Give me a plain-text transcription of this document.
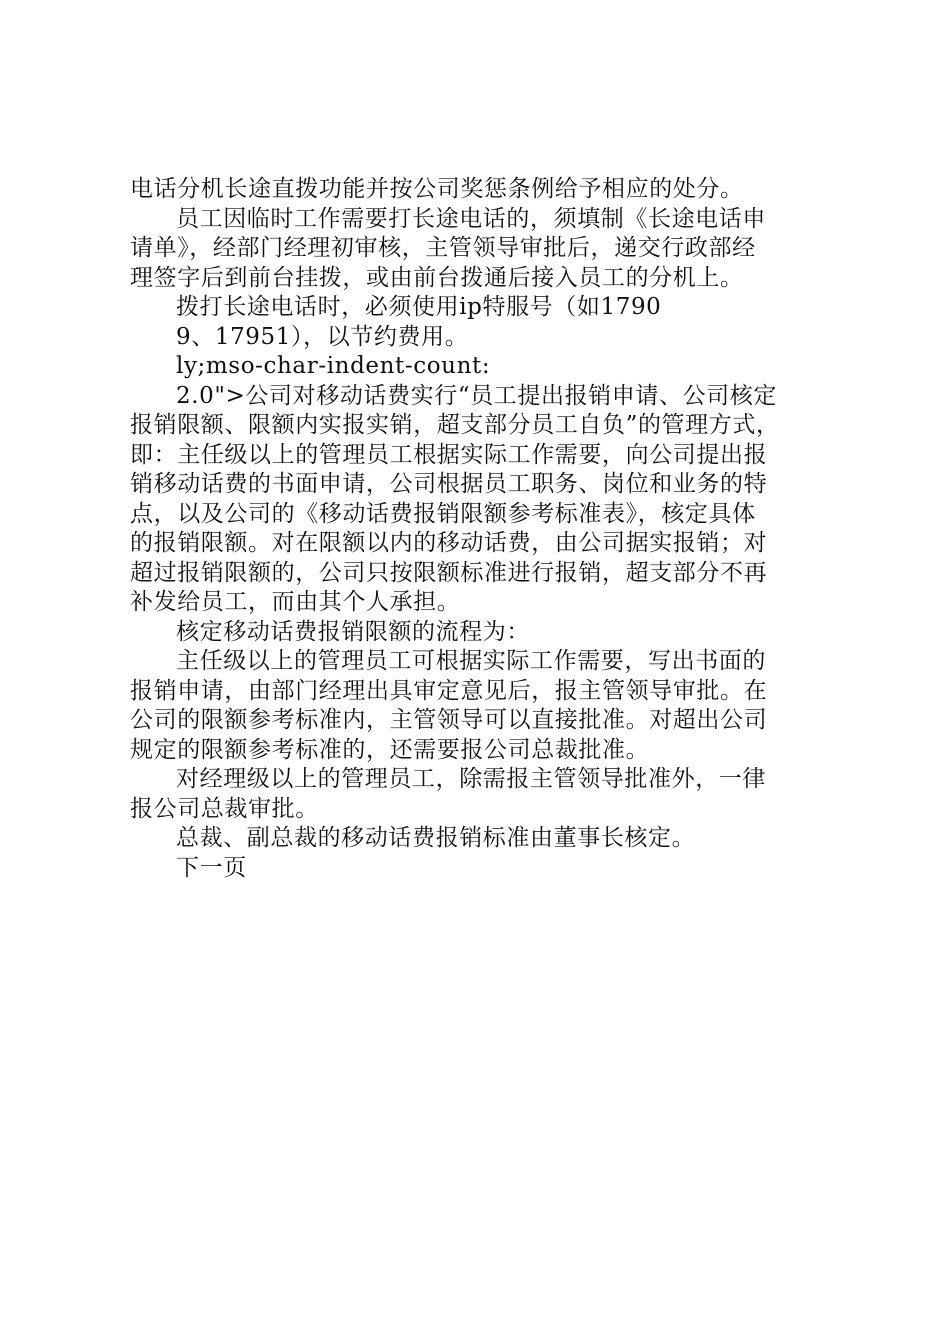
电话分机长途直拨功能并按公司奖惩条例给予相应的处分。

员工因临时工作需要打长途电话的，须填制《长途电话申
请单》，经部门经理初审核，主管领导审批后，递交行政部经
理签字后到前台挂拨，或由前台拨通后接入员工的分机上。

拨打长途电话时，必须使用ip特服号（如1790
9、17951），以节约费用。

ly;mso-char-indent-count:

2.0">公司对移动话费实行“员工提出报销申请、公司核定
报销限额、限额内实报实销，超支部分员工自负”的管理方式，
即：主任级以上的管理员工根据实际工作需要，向公司提出报
销移动话费的书面申请，公司根据员工职务、岗位和业务的特
点，以及公司的《移动话费报销限额参考标准表》，核定具体
的报销限额。对在限额以内的移动话费，由公司据实报销；对
超过报销限额的，公司只按限额标准进行报销，超支部分不再
补发给员工，而由其个人承担。

核定移动话费报销限额的流程为：

主任级以上的管理员工可根据实际工作需要，写出书面的
报销申请，由部门经理出具审定意见后，报主管领导审批。在
公司的限额参考标准内，主管领导可以直接批准。对超出公司
规定的限额参考标准的，还需要报公司总裁批准。

对经理级以上的管理员工，除需报主管领导批准外，一律
报公司总裁审批。

总裁、副总裁的移动话费报销标准由董事长核定。

下一页
